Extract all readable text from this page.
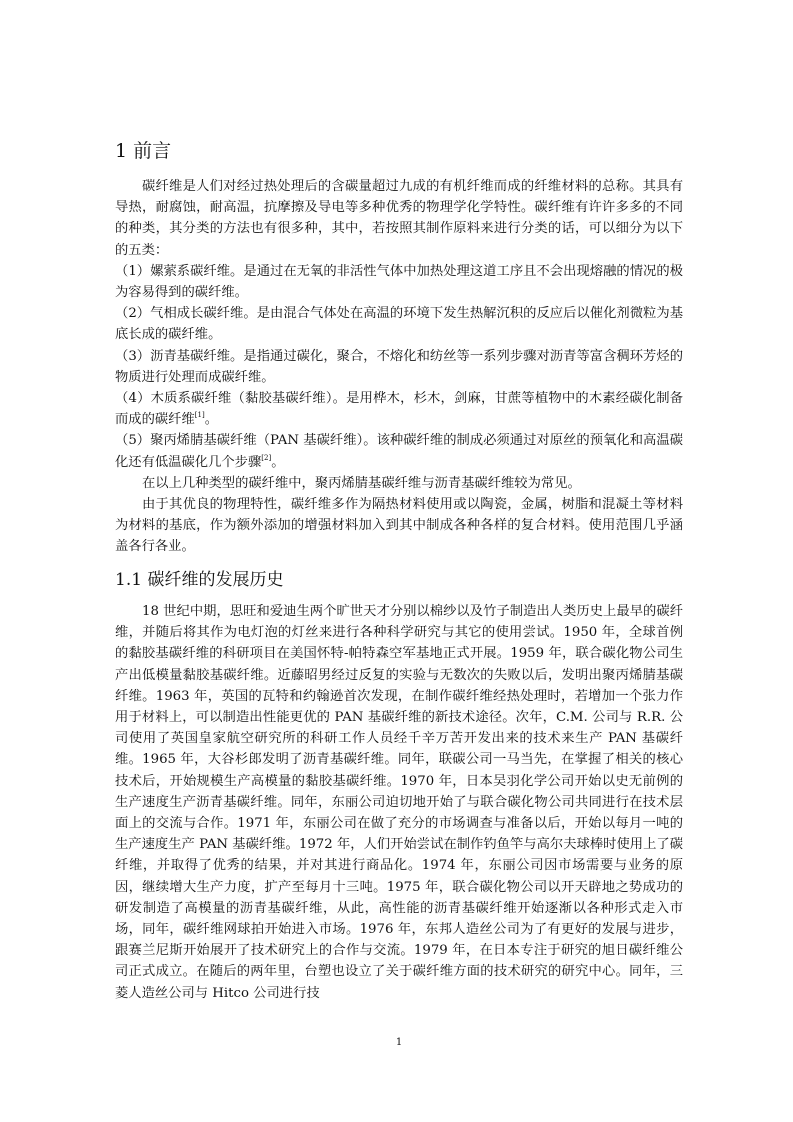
1 前言

碳纤维是人们对经过热处理后的含碳量超过九成的有机纤维而成的纤维材料的总称。其具有导热，耐腐蚀，耐高温，抗摩擦及导电等多种优秀的物理学化学特性。碳纤维有许许多多的不同的种类，其分类的方法也有很多种，其中，若按照其制作原料来进行分类的话，可以细分为以下的五类：

（1）嫘萦系碳纤维。是通过在无氧的非活性气体中加热处理这道工序且不会出现熔融的情况的极为容易得到的碳纤维。

（2）气相成长碳纤维。是由混合气体处在高温的环境下发生热解沉积的反应后以催化剂微粒为基底长成的碳纤维。

（3）沥青基碳纤维。是指通过碳化，聚合，不熔化和纺丝等一系列步骤对沥青等富含稠环芳烃的物质进行处理而成碳纤维。

（4）木质系碳纤维（黏胶基碳纤维）。是用桦木，杉木，剑麻，甘蔗等植物中的木素经碳化制备而成的碳纤维[1]。

（5）聚丙烯腈基碳纤维（PAN 基碳纤维）。该种碳纤维的制成必须通过对原丝的预氧化和高温碳化还有低温碳化几个步骤[2]。

在以上几种类型的碳纤维中，聚丙烯腈基碳纤维与沥青基碳纤维较为常见。

由于其优良的物理特性，碳纤维多作为隔热材料使用或以陶瓷，金属，树脂和混凝土等材料为材料的基底，作为额外添加的增强材料加入到其中制成各种各样的复合材料。使用范围几乎涵盖各行各业。

1.1 碳纤维的发展历史

18 世纪中期，思旺和爱迪生两个旷世天才分别以棉纱以及竹子制造出人类历史上最早的碳纤维，并随后将其作为电灯泡的灯丝来进行各种科学研究与其它的使用尝试。1950 年，全球首例的黏胶基碳纤维的科研项目在美国怀特-帕特森空军基地正式开展。1959 年，联合碳化物公司生产出低模量黏胶基碳纤维。近藤昭男经过反复的实验与无数次的失败以后，发明出聚丙烯腈基碳纤维。1963 年，英国的瓦特和约翰逊首次发现，在制作碳纤维经热处理时，若增加一个张力作用于材料上，可以制造出性能更优的 PAN 基碳纤维的新技术途径。次年，C.M. 公司与 R.R. 公司使用了英国皇家航空研究所的科研工作人员经千辛万苦开发出来的技术来生产 PAN 基碳纤维。1965 年，大谷杉郎发明了沥青基碳纤维。同年，联碳公司一马当先，在掌握了相关的核心技术后，开始规模生产高模量的黏胶基碳纤维。1970 年，日本吴羽化学公司开始以史无前例的生产速度生产沥青基碳纤维。同年，东丽公司迫切地开始了与联合碳化物公司共同进行在技术层面上的交流与合作。1971 年，东丽公司在做了充分的市场调查与准备以后，开始以每月一吨的生产速度生产 PAN 基碳纤维。1972 年，人们开始尝试在制作钓鱼竿与高尔夫球棒时使用上了碳纤维，并取得了优秀的结果，并对其进行商品化。1974 年，东丽公司因市场需要与业务的原因，继续增大生产力度，扩产至每月十三吨。1975 年，联合碳化物公司以开天辟地之势成功的研发制造了高模量的沥青基碳纤维，从此，高性能的沥青基碳纤维开始逐渐以各种形式走入市场，同年，碳纤维网球拍开始进入市场。1976 年，东邦人造丝公司为了有更好的发展与进步，跟赛兰尼斯开始展开了技术研究上的合作与交流。1979 年，在日本专注于研究的旭日碳纤维公司正式成立。在随后的两年里，台塑也设立了关于碳纤维方面的技术研究的研究中心。同年，三菱人造丝公司与 Hitco 公司进行技

1
